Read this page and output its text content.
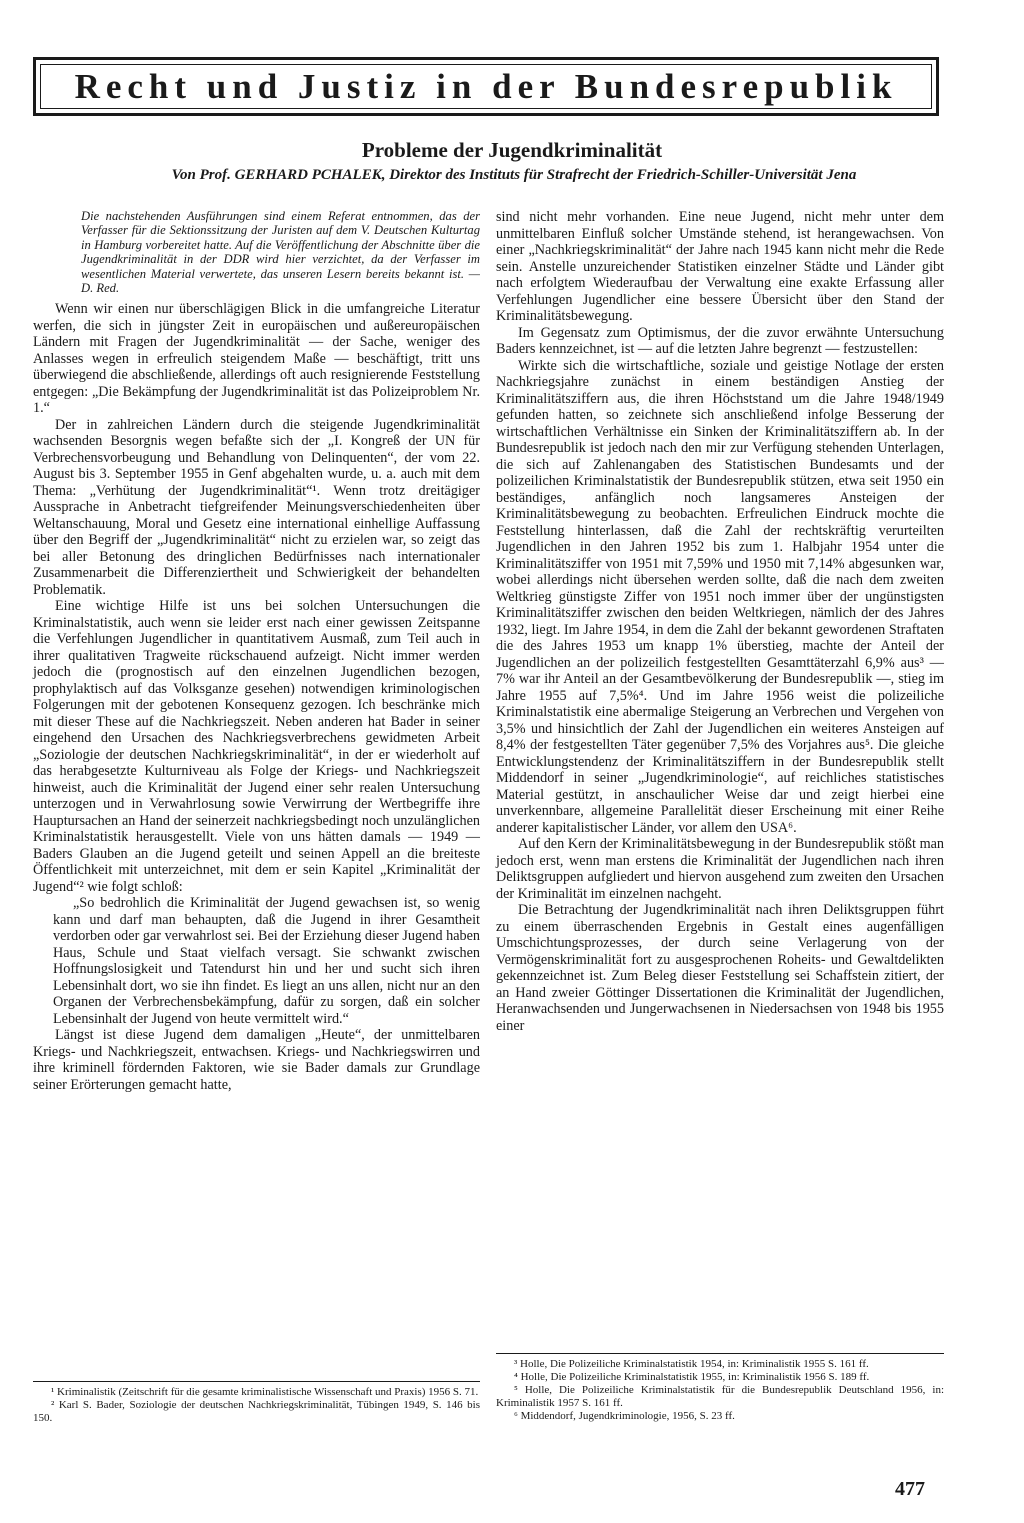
Recht und Justiz in der Bundesrepublik
Probleme der Jugendkriminalität
Von Prof. GERHARD PCHALEK, Direktor des Instituts für Strafrecht der Friedrich-Schiller-Universität Jena

Die nachstehenden Ausführungen sind einem Referat entnommen, das der Verfasser für die Sektionssitzung der Juristen auf dem V. Deutschen Kulturtag in Hamburg vorbereitet hatte. Auf die Veröffentlichung der Abschnitte über die Jugendkriminalität in der DDR wird hier verzichtet, da der Verfasser im wesentlichen Material verwertete, das unseren Lesern bereits bekannt ist. — D. Red.

Wenn wir einen nur überschlägigen Blick in die umfangreiche Literatur werfen, die sich in jüngster Zeit in europäischen und außereuropäischen Ländern mit Fragen der Jugendkriminalität — der Sache, weniger des Anlasses wegen in erfreulich steigendem Maße — beschäftigt, tritt uns überwiegend die abschließende, allerdings oft auch resignierende Feststellung entgegen: „Die Bekämpfung der Jugendkriminalität ist das Polizeiproblem Nr. 1.“

Der in zahlreichen Ländern durch die steigende Jugendkriminalität wachsenden Besorgnis wegen befaßte sich der „I. Kongreß der UN für Verbrechensvorbeugung und Behandlung von Delinquenten“, der vom 22. August bis 3. September 1955 in Genf abgehalten wurde, u. a. auch mit dem Thema: „Verhütung der Jugendkriminalität“¹. Wenn trotz dreitägiger Aussprache in Anbetracht tiefgreifender Meinungsverschiedenheiten über Weltanschauung, Moral und Gesetz eine international einhellige Auffassung über den Begriff der „Jugendkriminalität“ nicht zu erzielen war, so zeigt das bei aller Betonung des dringlichen Bedürfnisses nach internationaler Zusammenarbeit die Differenziertheit und Schwierigkeit der behandelten Problematik.

Eine wichtige Hilfe ist uns bei solchen Untersuchungen die Kriminalstatistik, auch wenn sie leider erst nach einer gewissen Zeitspanne die Verfehlungen Jugendlicher in quantitativem Ausmaß, zum Teil auch in ihrer qualitativen Tragweite rückschauend aufzeigt. Nicht immer werden jedoch die (prognostisch auf den einzelnen Jugendlichen bezogen, prophylaktisch auf das Volksganze gesehen) notwendigen kriminologischen Folgerungen mit der gebotenen Konsequenz gezogen. Ich beschränke mich mit dieser These auf die Nachkriegszeit. Neben anderen hat Bader in seiner eingehend den Ursachen des Nachkriegsverbrechens gewidmeten Arbeit „Soziologie der deutschen Nachkriegskriminalität“, in der er wiederholt auf das herabgesetzte Kulturniveau als Folge der Kriegs- und Nachkriegszeit hinweist, auch die Kriminalität der Jugend einer sehr realen Untersuchung unterzogen und in Verwahrlosung sowie Verwirrung der Wertbegriffe ihre Hauptursachen an Hand der seinerzeit nachkriegsbedingt noch unzulänglichen Kriminalstatistik herausgestellt. Viele von uns hätten damals — 1949 — Baders Glauben an die Jugend geteilt und seinen Appell an die breiteste Öffentlichkeit mit unterzeichnet, mit dem er sein Kapitel „Kriminalität der Jugend“² wie folgt schloß:

„So bedrohlich die Kriminalität der Jugend gewachsen ist, so wenig kann und darf man behaupten, daß die Jugend in ihrer Gesamtheit verdorben oder gar verwahrlost sei. Bei der Erziehung dieser Jugend haben Haus, Schule und Staat vielfach versagt. Sie schwankt zwischen Hoffnungslosigkeit und Tatendurst hin und her und sucht sich ihren Lebensinhalt dort, wo sie ihn findet. Es liegt an uns allen, nicht nur an den Organen der Verbrechensbekämpfung, dafür zu sorgen, daß ein solcher Lebensinhalt der Jugend von heute vermittelt wird.“

Längst ist diese Jugend dem damaligen „Heute“, der unmittelbaren Kriegs- und Nachkriegszeit, entwachsen. Kriegs- und Nachkriegswirren und ihre kriminell fördernden Faktoren, wie sie Bader damals zur Grundlage seiner Erörterungen gemacht hatte,

sind nicht mehr vorhanden. Eine neue Jugend, nicht mehr unter dem unmittelbaren Einfluß solcher Umstände stehend, ist herangewachsen. Von einer „Nachkriegskriminalität“ der Jahre nach 1945 kann nicht mehr die Rede sein. Anstelle unzureichender Statistiken einzelner Städte und Länder gibt nach erfolgtem Wiederaufbau der Verwaltung eine exakte Erfassung aller Verfehlungen Jugendlicher eine bessere Übersicht über den Stand der Kriminalitätsbewegung.

Im Gegensatz zum Optimismus, der die zuvor erwähnte Untersuchung Baders kennzeichnet, ist — auf die letzten Jahre begrenzt — festzustellen:

Wirkte sich die wirtschaftliche, soziale und geistige Notlage der ersten Nachkriegsjahre zunächst in einem beständigen Anstieg der Kriminalitätsziffern aus, die ihren Höchststand um die Jahre 1948/1949 gefunden hatten, so zeichnete sich anschließend infolge Besserung der wirtschaftlichen Verhältnisse ein Sinken der Kriminalitätsziffern ab. In der Bundesrepublik ist jedoch nach den mir zur Verfügung stehenden Unterlagen, die sich auf Zahlenangaben des Statistischen Bundesamts und der polizeilichen Kriminalstatistik der Bundesrepublik stützen, etwa seit 1950 ein beständiges, anfänglich noch langsameres Ansteigen der Kriminalitätsbewegung zu beobachten. Erfreulichen Eindruck mochte die Feststellung hinterlassen, daß die Zahl der rechtskräftig verurteilten Jugendlichen in den Jahren 1952 bis zum 1. Halbjahr 1954 unter die Kriminalitätsziffer von 1951 mit 7,59% und 1950 mit 7,14% abgesunken war, wobei allerdings nicht übersehen werden sollte, daß die nach dem zweiten Weltkrieg günstigste Ziffer von 1951 noch immer über der ungünstigsten Kriminalitätsziffer zwischen den beiden Weltkriegen, nämlich der des Jahres 1932, liegt. Im Jahre 1954, in dem die Zahl der bekannt gewordenen Straftaten die des Jahres 1953 um knapp 1% überstieg, machte der Anteil der Jugendlichen an der polizeilich festgestellten Gesamttäterzahl 6,9% aus³ — 7% war ihr Anteil an der Gesamtbevölkerung der Bundesrepublik —, stieg im Jahre 1955 auf 7,5%⁴. Und im Jahre 1956 weist die polizeiliche Kriminalstatistik eine abermalige Steigerung an Verbrechen und Vergehen von 3,5% und hinsichtlich der Zahl der Jugendlichen ein weiteres Ansteigen auf 8,4% der festgestellten Täter gegenüber 7,5% des Vorjahres aus⁵. Die gleiche Entwicklungstendenz der Kriminalitätsziffern in der Bundesrepublik stellt Middendorf in seiner „Jugendkriminologie“, auf reichliches statistisches Material gestützt, in anschaulicher Weise dar und zeigt hierbei eine unverkennbare, allgemeine Parallelität dieser Erscheinung mit einer Reihe anderer kapitalistischer Länder, vor allem den USA⁶.

Auf den Kern der Kriminalitätsbewegung in der Bundesrepublik stößt man jedoch erst, wenn man erstens die Kriminalität der Jugendlichen nach ihren Deliktsgruppen aufgliedert und hiervon ausgehend zum zweiten den Ursachen der Kriminalität im einzelnen nachgeht.

Die Betrachtung der Jugendkriminalität nach ihren Deliktsgruppen führt zu einem überraschenden Ergebnis in Gestalt eines augenfälligen Umschichtungsprozesses, der durch seine Verlagerung von der Vermögenskriminalität fort zu ausgesprochenen Roheits- und Gewaltdelikten gekennzeichnet ist. Zum Beleg dieser Feststellung sei Schaffstein zitiert, der an Hand zweier Göttinger Dissertationen die Kriminalität der Jugendlichen, Heranwachsenden und Jungerwachsenen in Niedersachsen von 1948 bis 1955 einer

¹ Kriminalistik (Zeitschrift für die gesamte kriminalistische Wissenschaft und Praxis) 1956 S. 71.

² Karl S. Bader, Soziologie der deutschen Nachkriegskriminalität, Tübingen 1949, S. 146 bis 150.

³ Holle, Die Polizeiliche Kriminalstatistik 1954, in: Kriminalistik 1955 S. 161 ff.

⁴ Holle, Die Polizeiliche Kriminalstatistik 1955, in: Kriminalistik 1956 S. 189 ff.

⁵ Holle, Die Polizeiliche Kriminalstatistik für die Bundesrepublik Deutschland 1956, in: Kriminalistik 1957 S. 161 ff.

⁶ Middendorf, Jugendkriminologie, 1956, S. 23 ff.

477
